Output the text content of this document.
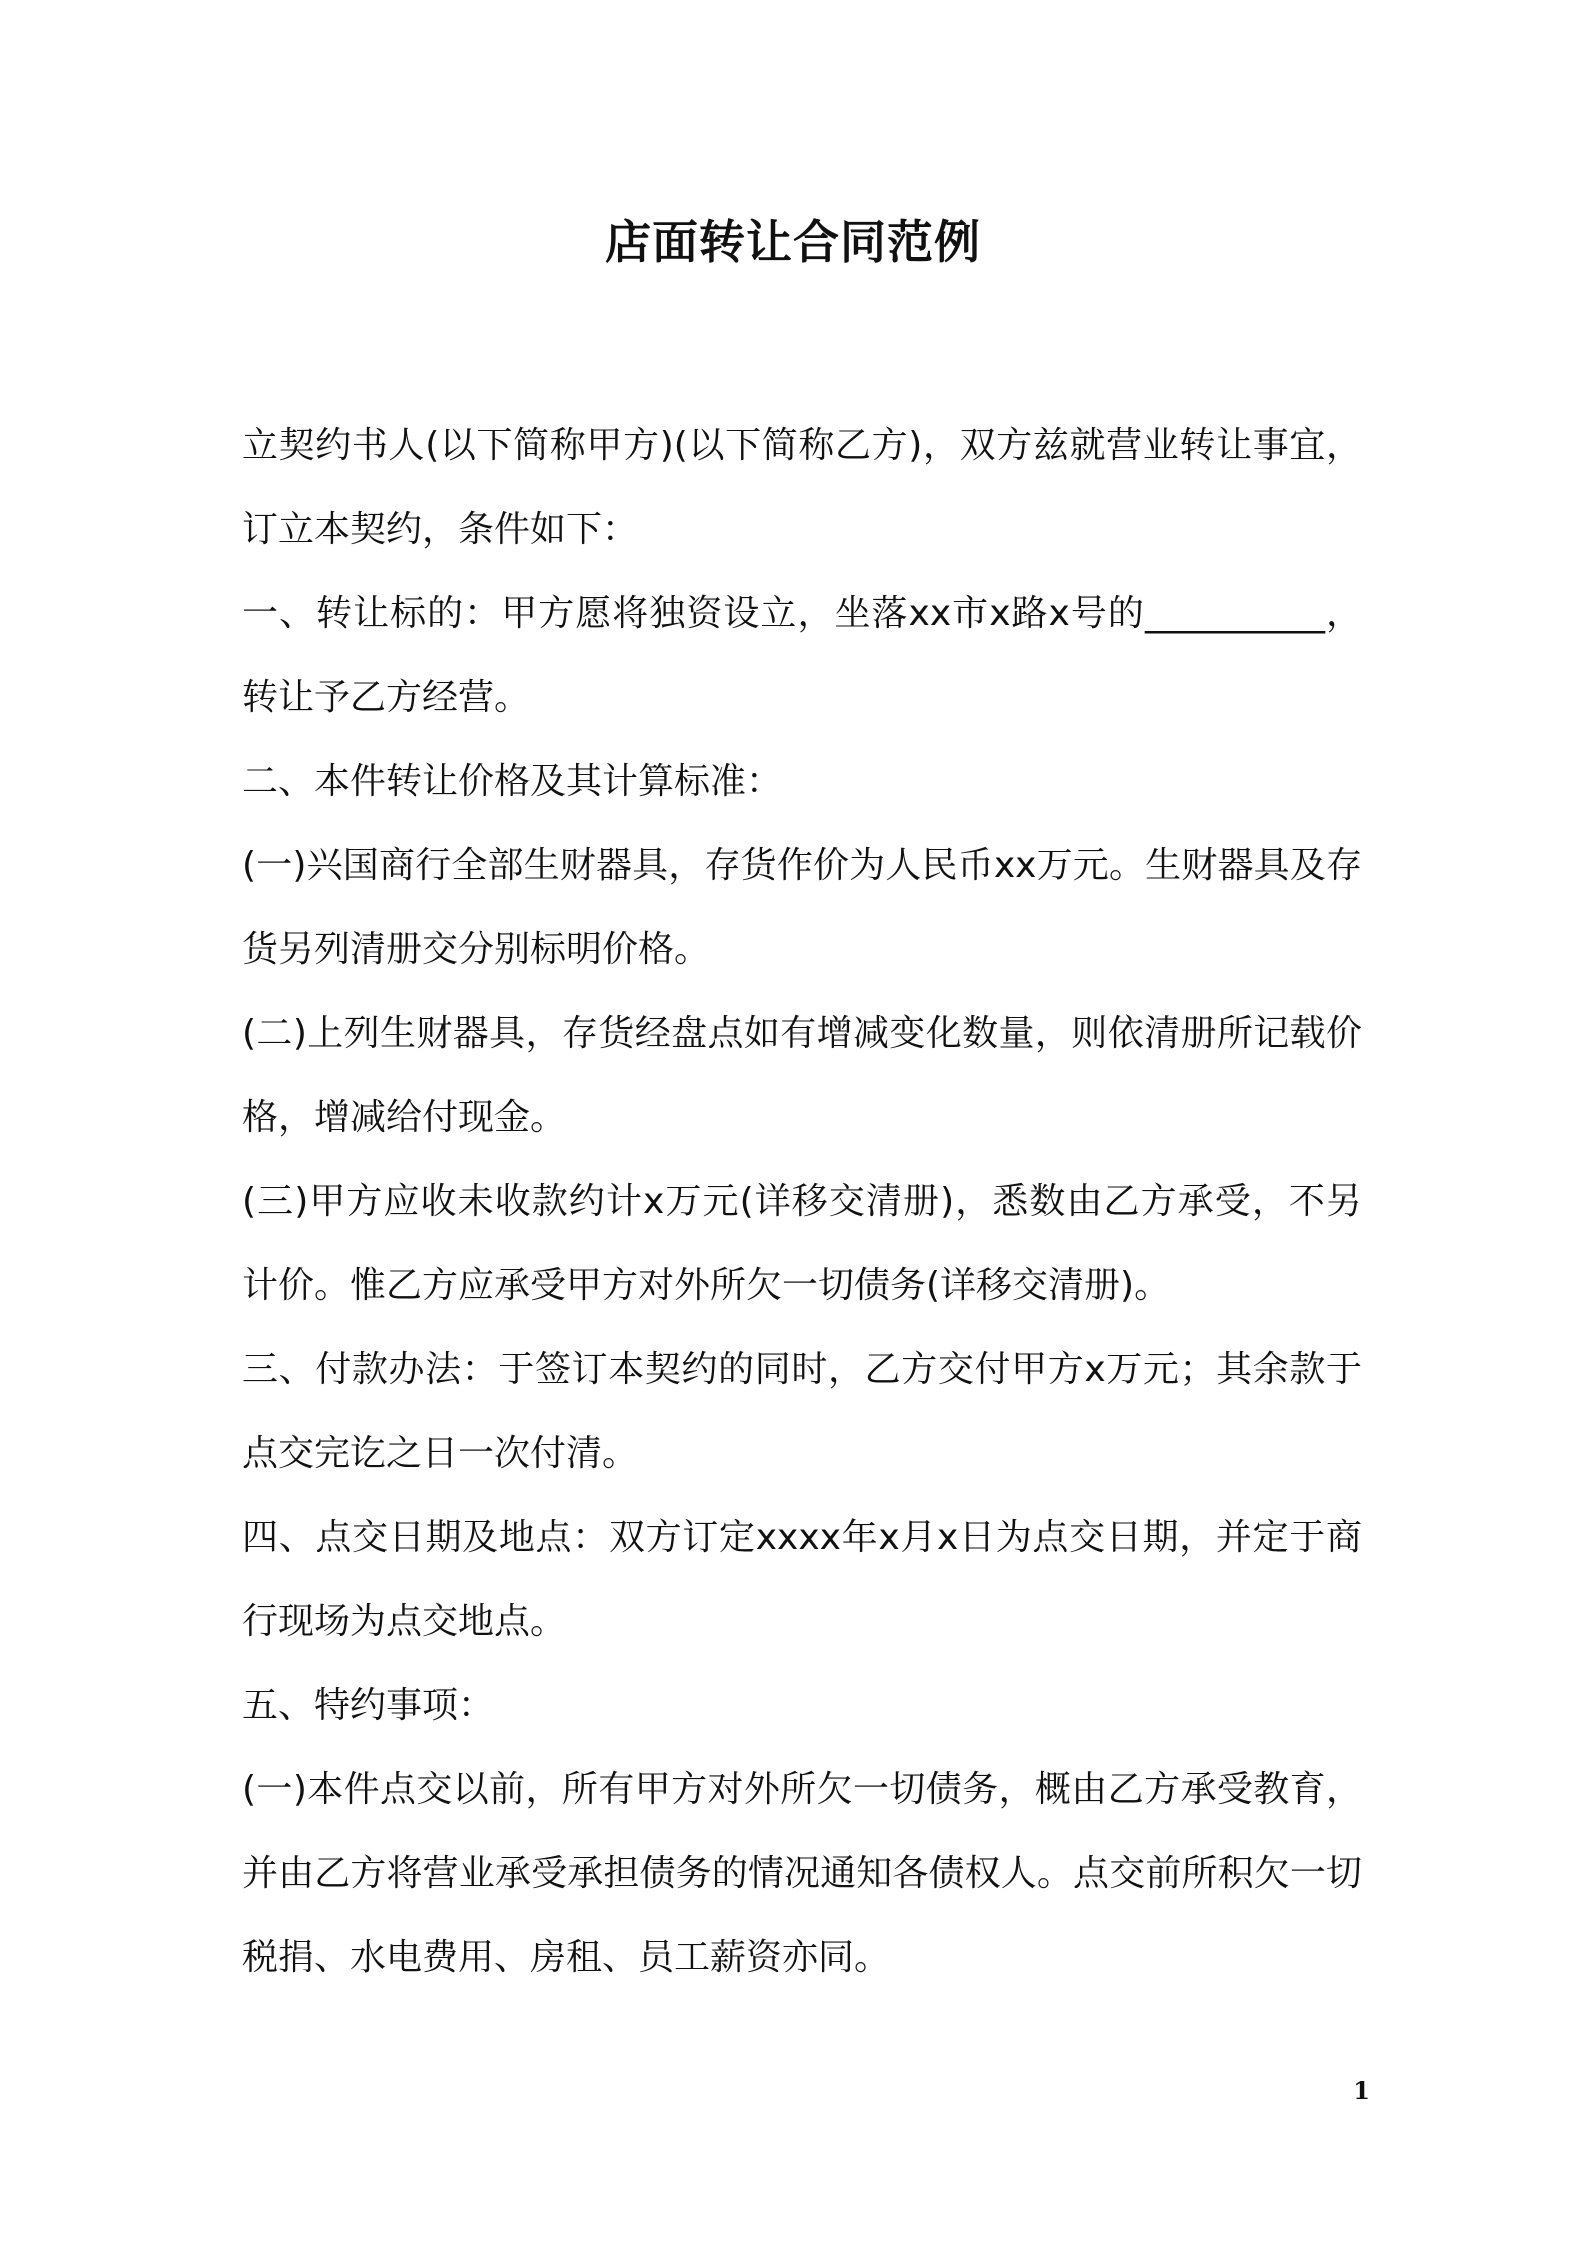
店面转让合同范例

立契约书人(以下简称甲方)(以下简称乙方)，双方兹就营业转让事宜，订立本契约，条件如下：

一、转让标的：甲方愿将独资设立，坐落xx市x路x号的__________，转让予乙方经营。

二、本件转让价格及其计算标准：

(一)兴国商行全部生财器具，存货作价为人民币xx万元。生财器具及存货另列清册交分别标明价格。

(二)上列生财器具，存货经盘点如有增减变化数量，则依清册所记载价格，增减给付现金。

(三)甲方应收未收款约计x万元(详移交清册)，悉数由乙方承受，不另计价。惟乙方应承受甲方对外所欠一切债务(详移交清册)。

三、付款办法：于签订本契约的同时，乙方交付甲方x万元；其余款于点交完讫之日一次付清。

四、点交日期及地点：双方订定xxxx年x月x日为点交日期，并定于商行现场为点交地点。

五、特约事项：

(一)本件点交以前，所有甲方对外所欠一切债务，概由乙方承受教育，并由乙方将营业承受承担债务的情况通知各债权人。点交前所积欠一切税捐、水电费用、房租、员工薪资亦同。

1
